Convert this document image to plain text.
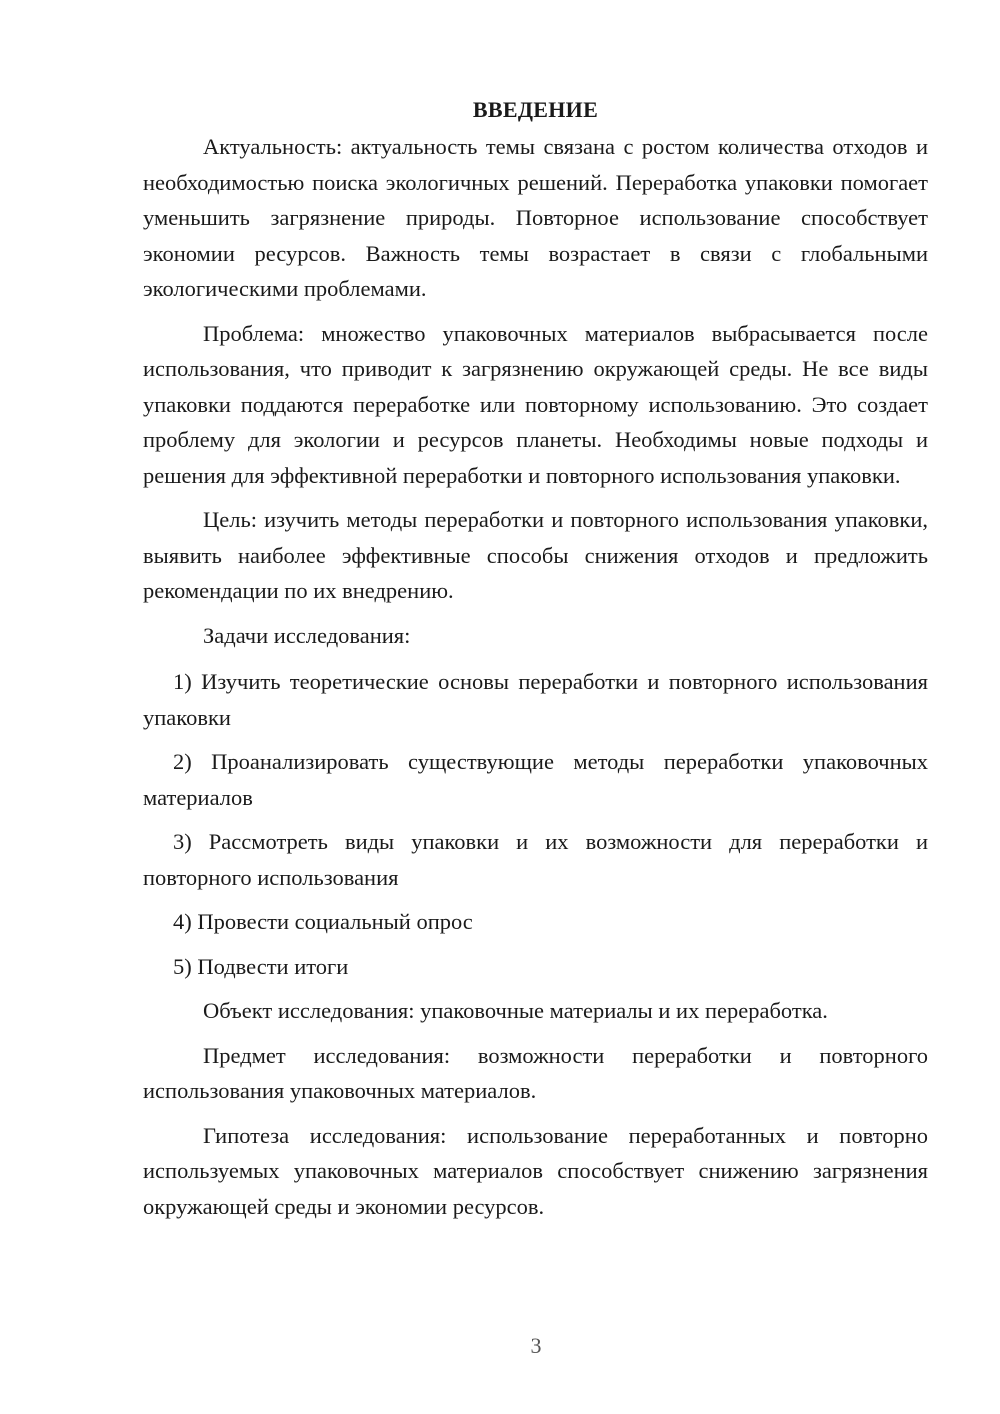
ВВЕДЕНИЕ

Актуальность: актуальность темы связана с ростом количества отходов и необходимостью поиска экологичных решений. Переработка упаковки помогает уменьшить загрязнение природы. Повторное использование способствует экономии ресурсов. Важность темы возрастает в связи с глобальными экологическими проблемами.

Проблема: множество упаковочных материалов выбрасывается после использования, что приводит к загрязнению окружающей среды. Не все виды упаковки поддаются переработке или повторному использованию. Это создает проблему для экологии и ресурсов планеты. Необходимы новые подходы и решения для эффективной переработки и повторного использования упаковки.

Цель: изучить методы переработки и повторного использования упаковки, выявить наиболее эффективные способы снижения отходов и предложить рекомендации по их внедрению.

Задачи исследования:

1) Изучить теоретические основы переработки и повторного использования упаковки

2) Проанализировать существующие методы переработки упаковочных материалов

3) Рассмотреть виды упаковки и их возможности для переработки и повторного использования

4) Провести социальный опрос

5) Подвести итоги

Объект исследования: упаковочные материалы и их переработка.

Предмет исследования: возможности переработки и повторного использования упаковочных материалов.

Гипотеза исследования: использование переработанных и повторно используемых упаковочных материалов способствует снижению загрязнения окружающей среды и экономии ресурсов.

3
